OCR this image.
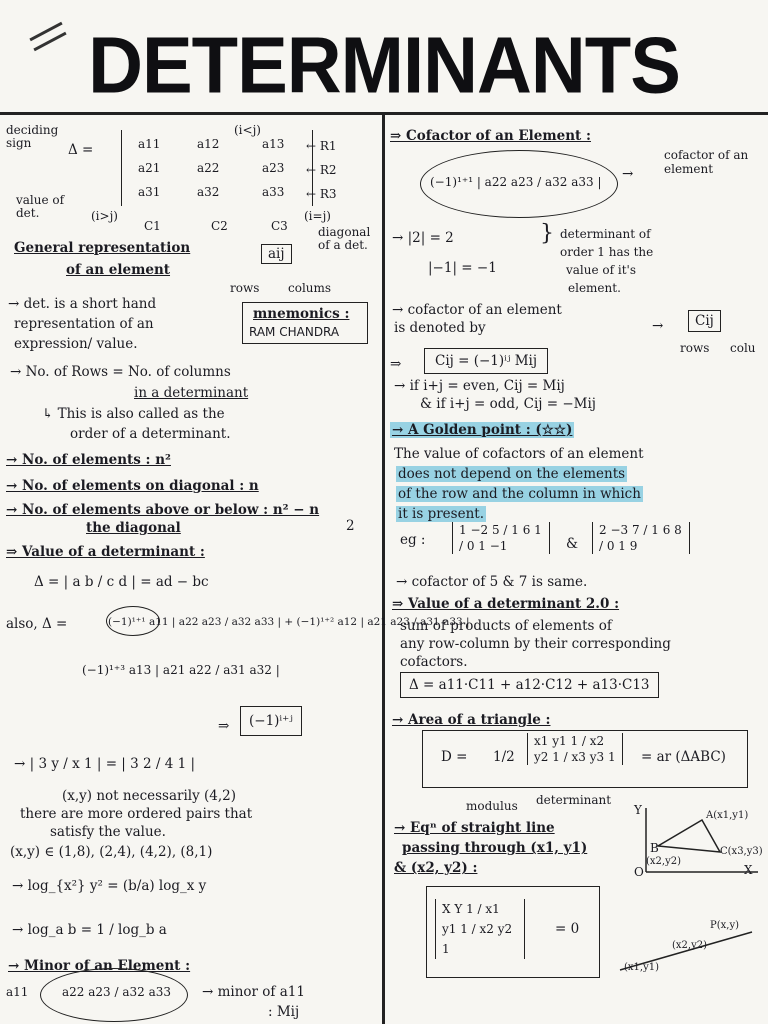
DETERMINANTS
deciding sign	Δ =	a11	a12	a13
a21	a22	a23
a31	a32	a33
(i<j)
← R1
← R2
← R3
value of det.	(i>j)
C1	C2	C3
(i=j)
diagonal of a det.
General representation
of an element
aij
rows colums
→ det. is a short hand
representation of an
expression/ value.
mnemonics :
RAM CHANDRA
→ No. of Rows = No. of columns
in a determinant
↳ This is also called as the
order of a determinant.
→ No. of elements : n²
→ No. of elements on diagonal : n
→ No. of elements above or below : n² − n
the diagonal	2
⇒ Value of a determinant :
Δ = | a b / c d | = ad − bc
also, Δ =	(−1)¹⁺¹ a11 | a22 a23 / a32 a33 | + (−1)¹⁺² a12 | a21 a23 / a31 a33 |
(−1)¹⁺³ a13 | a21 a22 / a31 a32 |
⇒	(−1)ⁱ⁺ʲ
→ | 3 y / x 1 | = | 3 2 / 4 1 |
(x,y) not necessarily (4,2)
there are more ordered pairs that
satisfy the value.
(x,y) ∈ (1,8), (2,4), (4,2), (8,1)
→ log_{x²} y² = (b/a) log_x y
→ log_a b = 1 / log_b a
→ Minor of an Element :
a11	a22 a23 / a32 a33 → minor of a11
: Mij
⇒ Cofactor of an Element :
(−1)¹⁺¹ | a22 a23 / a32 a33 | →
cofactor of an element
→ |2| = 2
|−1| = −1
} determinant of
order 1 has the
value of it's
element.
→ cofactor of an element
is denoted by	→	Cij
rows colu
⇒	Cij = (−1)ⁱʲ Mij
→ if i+j = even, Cij = Mij
& if i+j = odd, Cij = −Mij
→ A Golden point : (☆☆)
The value of cofactors of an element
does not depend on the elements
of the row and the column in which
it is present.
eg :
1 −2 5 / 1 6 1 / 0 1 −1	&
2 −3 7 / 1 6 8 / 0 1 9
→ cofactor of 5 & 7 is same.
⇒ Value of a determinant 2.0 :
sum of products of elements of
any row-column by their corresponding
cofactors.
Δ = a11·C11 + a12·C12 + a13·C13
→ Area of a triangle :
D = 1/2
x1 y1 1 / x2 y2 1 / x3 y3 1	= ar (ΔABC)
modulus determinant
→ Eqⁿ of straight line
passing through (x1, y1)
& (x2, y2) :
X Y 1 / x1 y1 1 / x2 y2 1
= 0
A(x1,y1)
B
(x2,y2)
C(x3,y3)
O	X
Y
P(x,y)
(x2,y2)
(x1,y1)
